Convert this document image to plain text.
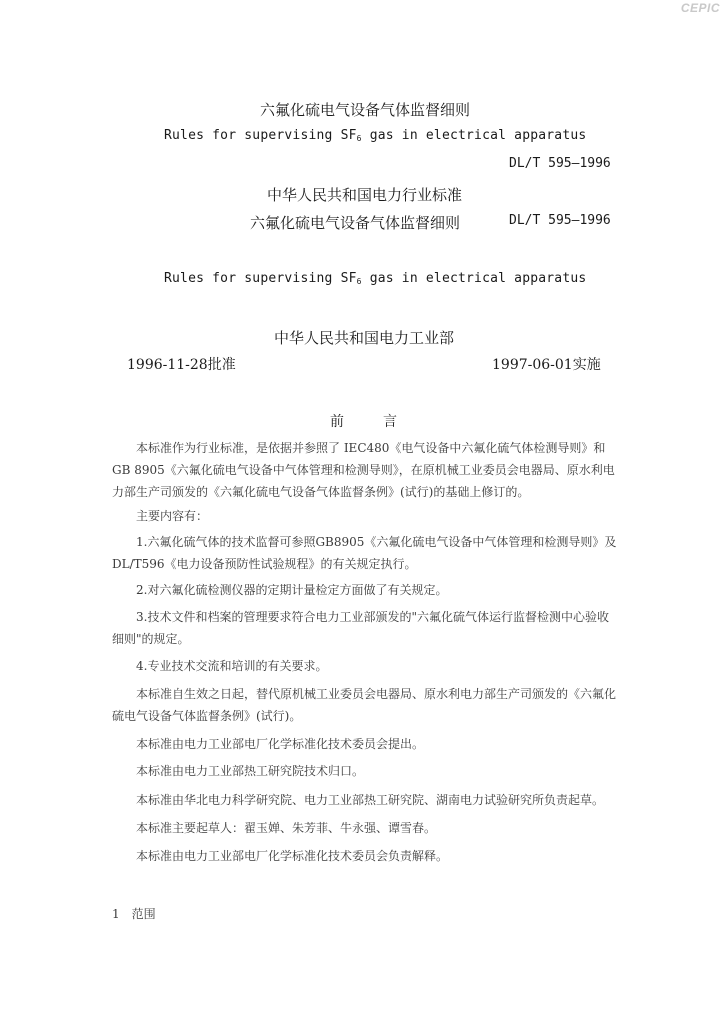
CEPIC
六氟化硫电气设备气体监督细则
Rules for supervising $SF_6$ gas in electrical apparatus
DL/T 595—1996
中华人民共和国电力行业标准
六氟化硫电气设备气体监督细则	DL/T 595—1996
Rules for supervising $SF_6$ gas in electrical apparatus
中华人民共和国电力工业部
1996-11-28批准	1997-06-01实施
前	言
本标准作为行业标准，是依据并参照了 IEC480《电气设备中六氟化硫气体检测导则》和 GB 8905《六氟化硫电气设备中气体管理和检测导则》，在原机械工业委员会电器局、原水利电力部生产司颁发的《六氟化硫电气设备气体监督条例》(试行)的基础上修订的。
主要内容有：
1.六氟化硫气体的技术监督可参照GB8905《六氟化硫电气设备中气体管理和检测导则》及DL/T596《电力设备预防性试验规程》的有关规定执行。
2.对六氟化硫检测仪器的定期计量检定方面做了有关规定。
3.技术文件和档案的管理要求符合电力工业部颁发的"六氟化硫气体运行监督检测中心验收细则"的规定。
4.专业技术交流和培训的有关要求。
本标准自生效之日起，替代原机械工业委员会电器局、原水利电力部生产司颁发的《六氟化硫电气设备气体监督条例》(试行)。
本标准由电力工业部电厂化学标准化技术委员会提出。
本标准由电力工业部热工研究院技术归口。
本标准由华北电力科学研究院、电力工业部热工研究院、湖南电力试验研究所负责起草。
本标准主要起草人：翟玉婵、朱芳菲、牛永强、谭雪春。
本标准由电力工业部电厂化学标准化技术委员会负责解释。
1　范围
